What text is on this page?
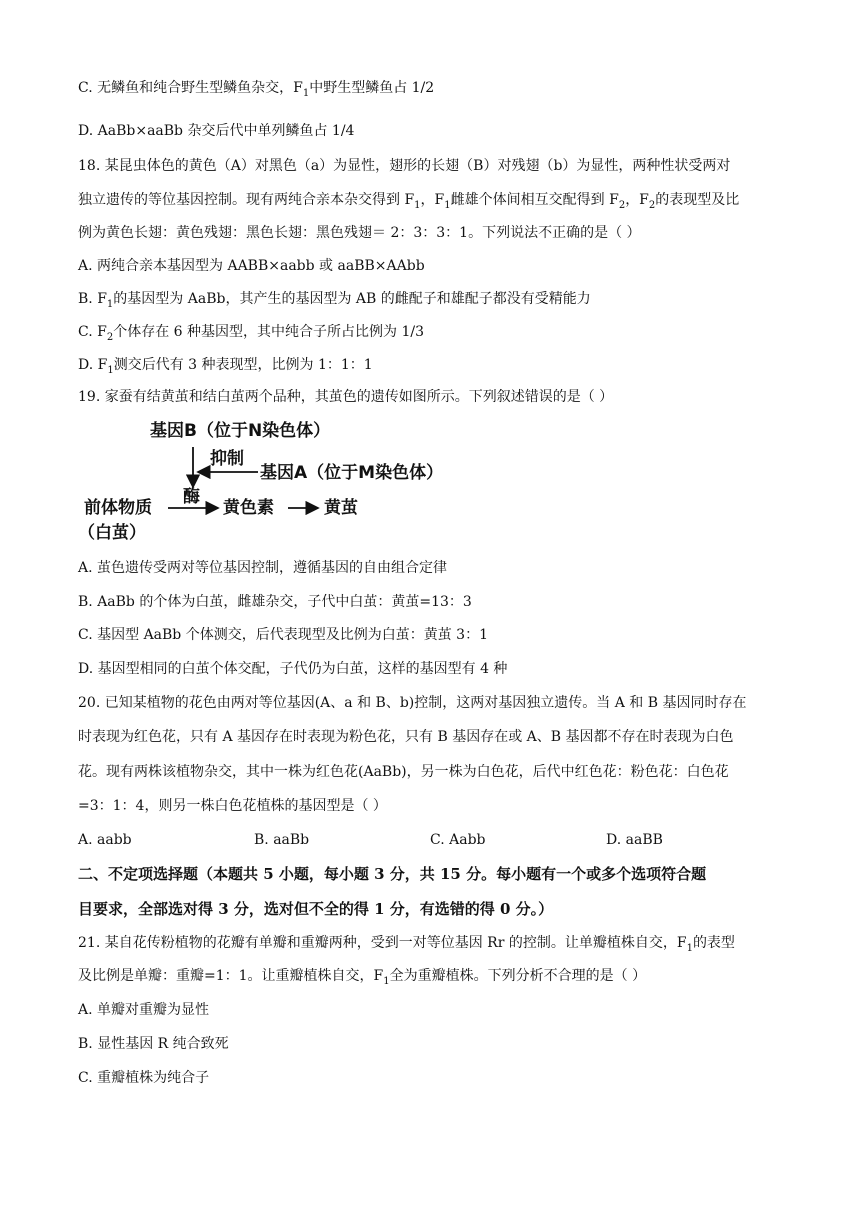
C. 无鳞鱼和纯合野生型鳞鱼杂交，$F_1$中野生型鳞鱼占 1/2
D. AaBb×aaBb 杂交后代中单列鳞鱼占 1/4
18. 某昆虫体色的黄色（A）对黑色（a）为显性，翅形的长翅（B）对残翅（b）为显性，两种性状受两对
独立遗传的等位基因控制。现有两纯合亲本杂交得到 $F_1$，$F_1$雌雄个体间相互交配得到 $F_2$，$F_2$的表现型及比
例为黄色长翅：黄色残翅：黑色长翅：黑色残翅＝ 2：3：3：1。下列说法不正确的是（ ）
A. 两纯合亲本基因型为 AABB×aabb 或 aaBB×AAbb
B. $F_1$的基因型为 AaBb，其产生的基因型为 AB 的雌配子和雄配子都没有受精能力
C. $F_2$个体存在 6 种基因型，其中纯合子所占比例为 1/3
D. $F_1$测交后代有 3 种表现型，比例为 1：1：1
19. 家蚕有结黄茧和结白茧两个品种，其茧色的遗传如图所示。下列叙述错误的是（ ）
基因B（位于N染色体）
抑制
基因A（位于M染色体）
酶
前体物质	黄色素	黄茧
（白茧）
A. 茧色遗传受两对等位基因控制，遵循基因的自由组合定律
B. AaBb 的个体为白茧，雌雄杂交，子代中白茧：黄茧=13：3
C. 基因型 AaBb 个体测交，后代表现型及比例为白茧：黄茧 3：1
D. 基因型相同的白茧个体交配，子代仍为白茧，这样的基因型有 4 种
20. 已知某植物的花色由两对等位基因(A、a 和 B、b)控制，这两对基因独立遗传。当 A 和 B 基因同时存在
时表现为红色花，只有 A 基因存在时表现为粉色花，只有 B 基因存在或 A、B 基因都不存在时表现为白色
花。现有两株该植物杂交，其中一株为红色花(AaBb)，另一株为白色花，后代中红色花：粉色花：白色花
=3：1：4，则另一株白色花植株的基因型是（ ）
A. aabb	B. aaBb	C. Aabb	D. aaBB
二、不定项选择题（本题共 5 小题，每小题 3 分，共 15 分。每小题有一个或多个选项符合题
目要求，全部选对得 3 分，选对但不全的得 1 分，有选错的得 0 分。）
21. 某自花传粉植物的花瓣有单瓣和重瓣两种，受到一对等位基因 Rr 的控制。让单瓣植株自交，$F_1$的表型
及比例是单瓣：重瓣=1：1。让重瓣植株自交，$F_1$全为重瓣植株。下列分析不合理的是（ ）
A. 单瓣对重瓣为显性
B. 显性基因 R 纯合致死
C. 重瓣植株为纯合子
